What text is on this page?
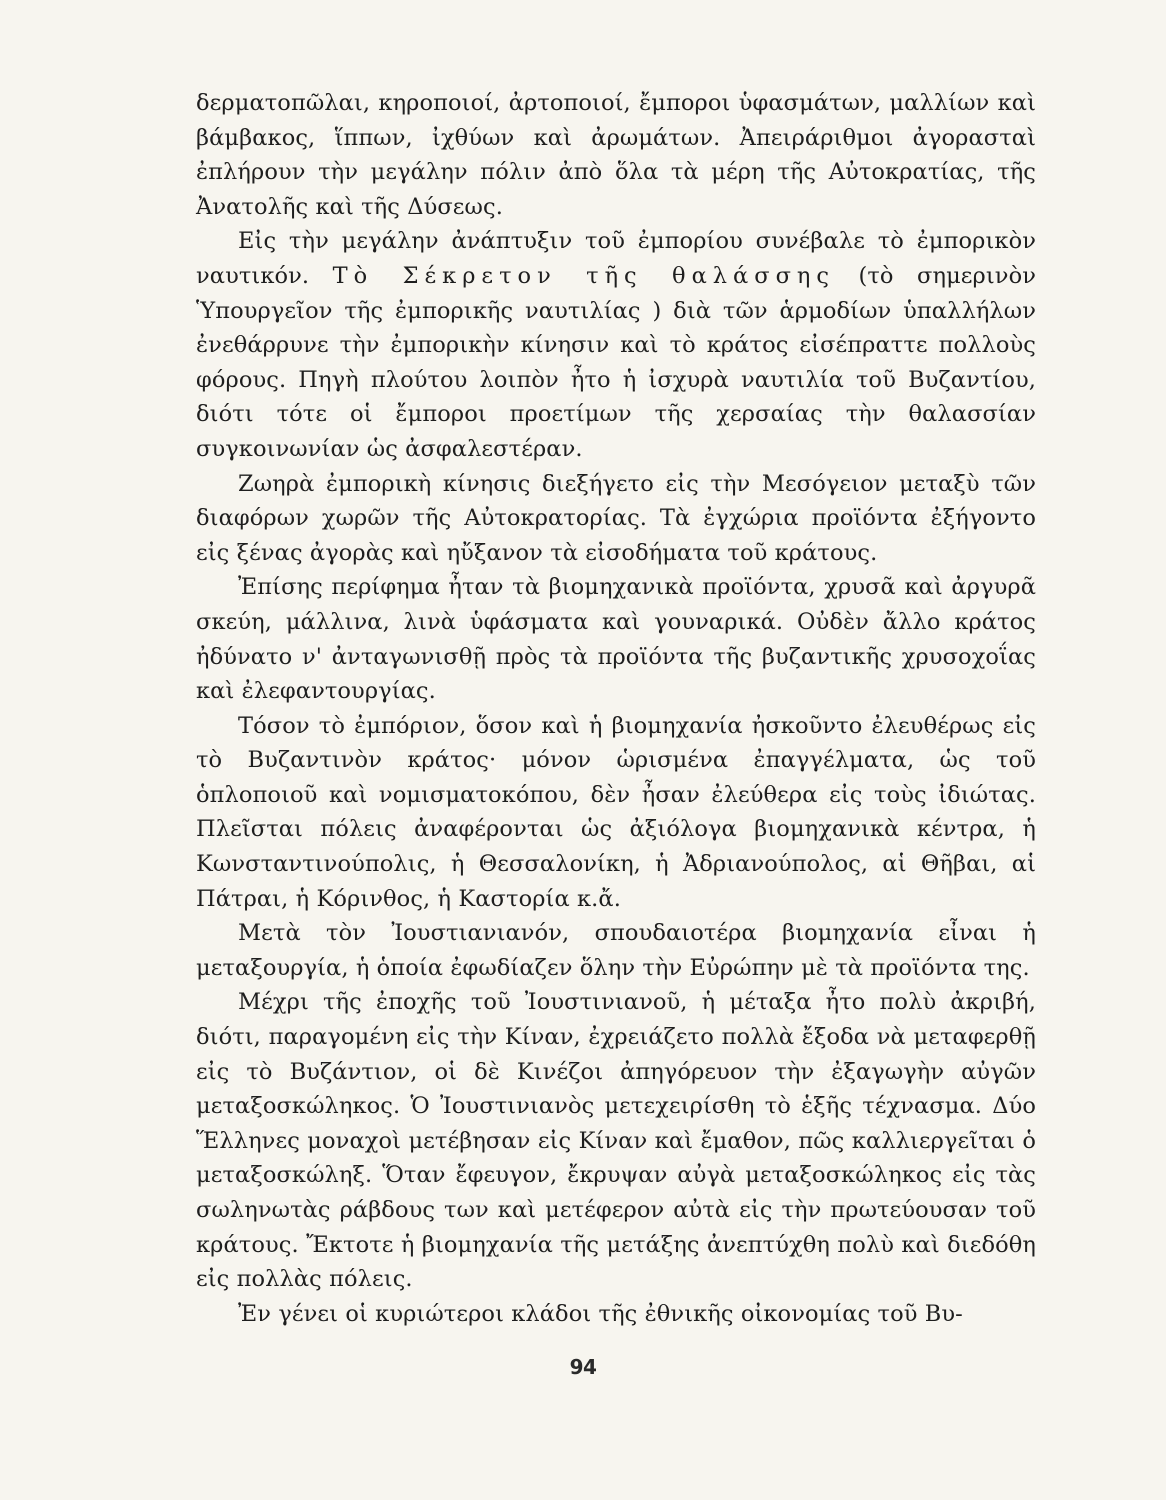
δερματοπῶλαι, κηροποιοί, ἀρτοποιοί, ἔμποροι ὑφασμάτων, μαλλίων καὶ βάμβακος, ἵππων, ἰχθύων καὶ ἀρωμάτων. Ἀπειράριθμοι ἀγορασταὶ ἐπλήρουν τὴν μεγάλην πόλιν ἀπὸ ὅλα τὰ μέρη τῆς Αὐτοκρατίας, τῆς Ἀνατολῆς καὶ τῆς Δύσεως.

Εἰς τὴν μεγάλην ἀνάπτυξιν τοῦ ἐμπορίου συνέβαλε τὸ ἐμπορικὸν ναυτικόν. Τὸ Σέκρετον τῆς θαλάσσης (τὸ σημερινὸν Ὑπουργεῖον τῆς ἐμπορικῆς ναυτιλίας ) διὰ τῶν ἁρμοδίων ὑπαλλήλων ἐνεθάρρυνε τὴν ἐμπορικὴν κίνησιν καὶ τὸ κράτος εἰσέπραττε πολλοὺς φόρους. Πηγὴ πλούτου λοιπὸν ἦτο ἡ ἰσχυρὰ ναυτιλία τοῦ Βυζαντίου, διότι τότε οἱ ἔμποροι προετίμων τῆς χερσαίας τὴν θαλασσίαν συγκοινωνίαν ὡς ἀσφαλεστέραν.

Ζωηρὰ ἐμπορικὴ κίνησις διεξήγετο εἰς τὴν Μεσόγειον μεταξὺ τῶν διαφόρων χωρῶν τῆς Αὐτοκρατορίας. Τὰ ἐγχώρια προϊόντα ἐξήγοντο εἰς ξένας ἀγορὰς καὶ ηὔξανον τὰ εἰσοδήματα τοῦ κράτους.

Ἐπίσης περίφημα ἦταν τὰ βιομηχανικὰ προϊόντα, χρυσᾶ καὶ ἀργυρᾶ σκεύη, μάλλινα, λινὰ ὑφάσματα καὶ γουναρικά. Οὐδὲν ἄλλο κράτος ἠδύνατο ν' ἀνταγωνισθῇ πρὸς τὰ προϊόντα τῆς βυζαντικῆς χρυσοχοΐας καὶ ἐλεφαντουργίας.

Τόσον τὸ ἐμπόριον, ὅσον καὶ ἡ βιομηχανία ἠσκοῦντο ἐλευθέρως εἰς τὸ Βυζαντινὸν κράτος· μόνον ὡρισμένα ἐπαγγέλματα, ὡς τοῦ ὁπλοποιοῦ καὶ νομισματοκόπου, δὲν ἦσαν ἐλεύθερα εἰς τοὺς ἰδιώτας. Πλεῖσται πόλεις ἀναφέρονται ὡς ἀξιόλογα βιομηχανικὰ κέντρα, ἡ Κωνσταντινούπολις, ἡ Θεσσαλονίκη, ἡ Ἀδριανούπολος, αἱ Θῆβαι, αἱ Πάτραι, ἡ Κόρινθος, ἡ Καστορία κ.ἄ.

Μετὰ τὸν Ἰουστιανιανόν, σπουδαιοτέρα βιομηχανία εἶναι ἡ μεταξουργία, ἡ ὁποία ἐφωδίαζεν ὅλην τὴν Εὐρώπην μὲ τὰ προϊόντα της.

Μέχρι τῆς ἐποχῆς τοῦ Ἰουστινιανοῦ, ἡ μέταξα ἦτο πολὺ ἀκριβή, διότι, παραγομένη εἰς τὴν Κίναν, ἐχρειάζετο πολλὰ ἔξοδα νὰ μεταφερθῇ εἰς τὸ Βυζάντιον, οἱ δὲ Κινέζοι ἀπηγόρευον τὴν ἐξαγωγὴν αὐγῶν μεταξοσκώληκος. Ὁ Ἰουστινιανὸς μετεχειρίσθη τὸ ἑξῆς τέχνασμα. Δύο Ἕλληνες μοναχοὶ μετέβησαν εἰς Κίναν καὶ ἔμαθον, πῶς καλλιεργεῖται ὁ μεταξοσκώληξ. Ὅταν ἔφευγον, ἔκρυψαν αὐγὰ μεταξοσκώληκος εἰς τὰς σωληνωτὰς ράβδους των καὶ μετέφερον αὐτὰ εἰς τὴν πρωτεύουσαν τοῦ κράτους. Ἔκτοτε ἡ βιομηχανία τῆς μετάξης ἀνεπτύχθη πολὺ καὶ διεδόθη εἰς πολλὰς πόλεις.

Ἐν γένει οἱ κυριώτεροι κλάδοι τῆς ἐθνικῆς οἰκονομίας τοῦ Βυ-

94
